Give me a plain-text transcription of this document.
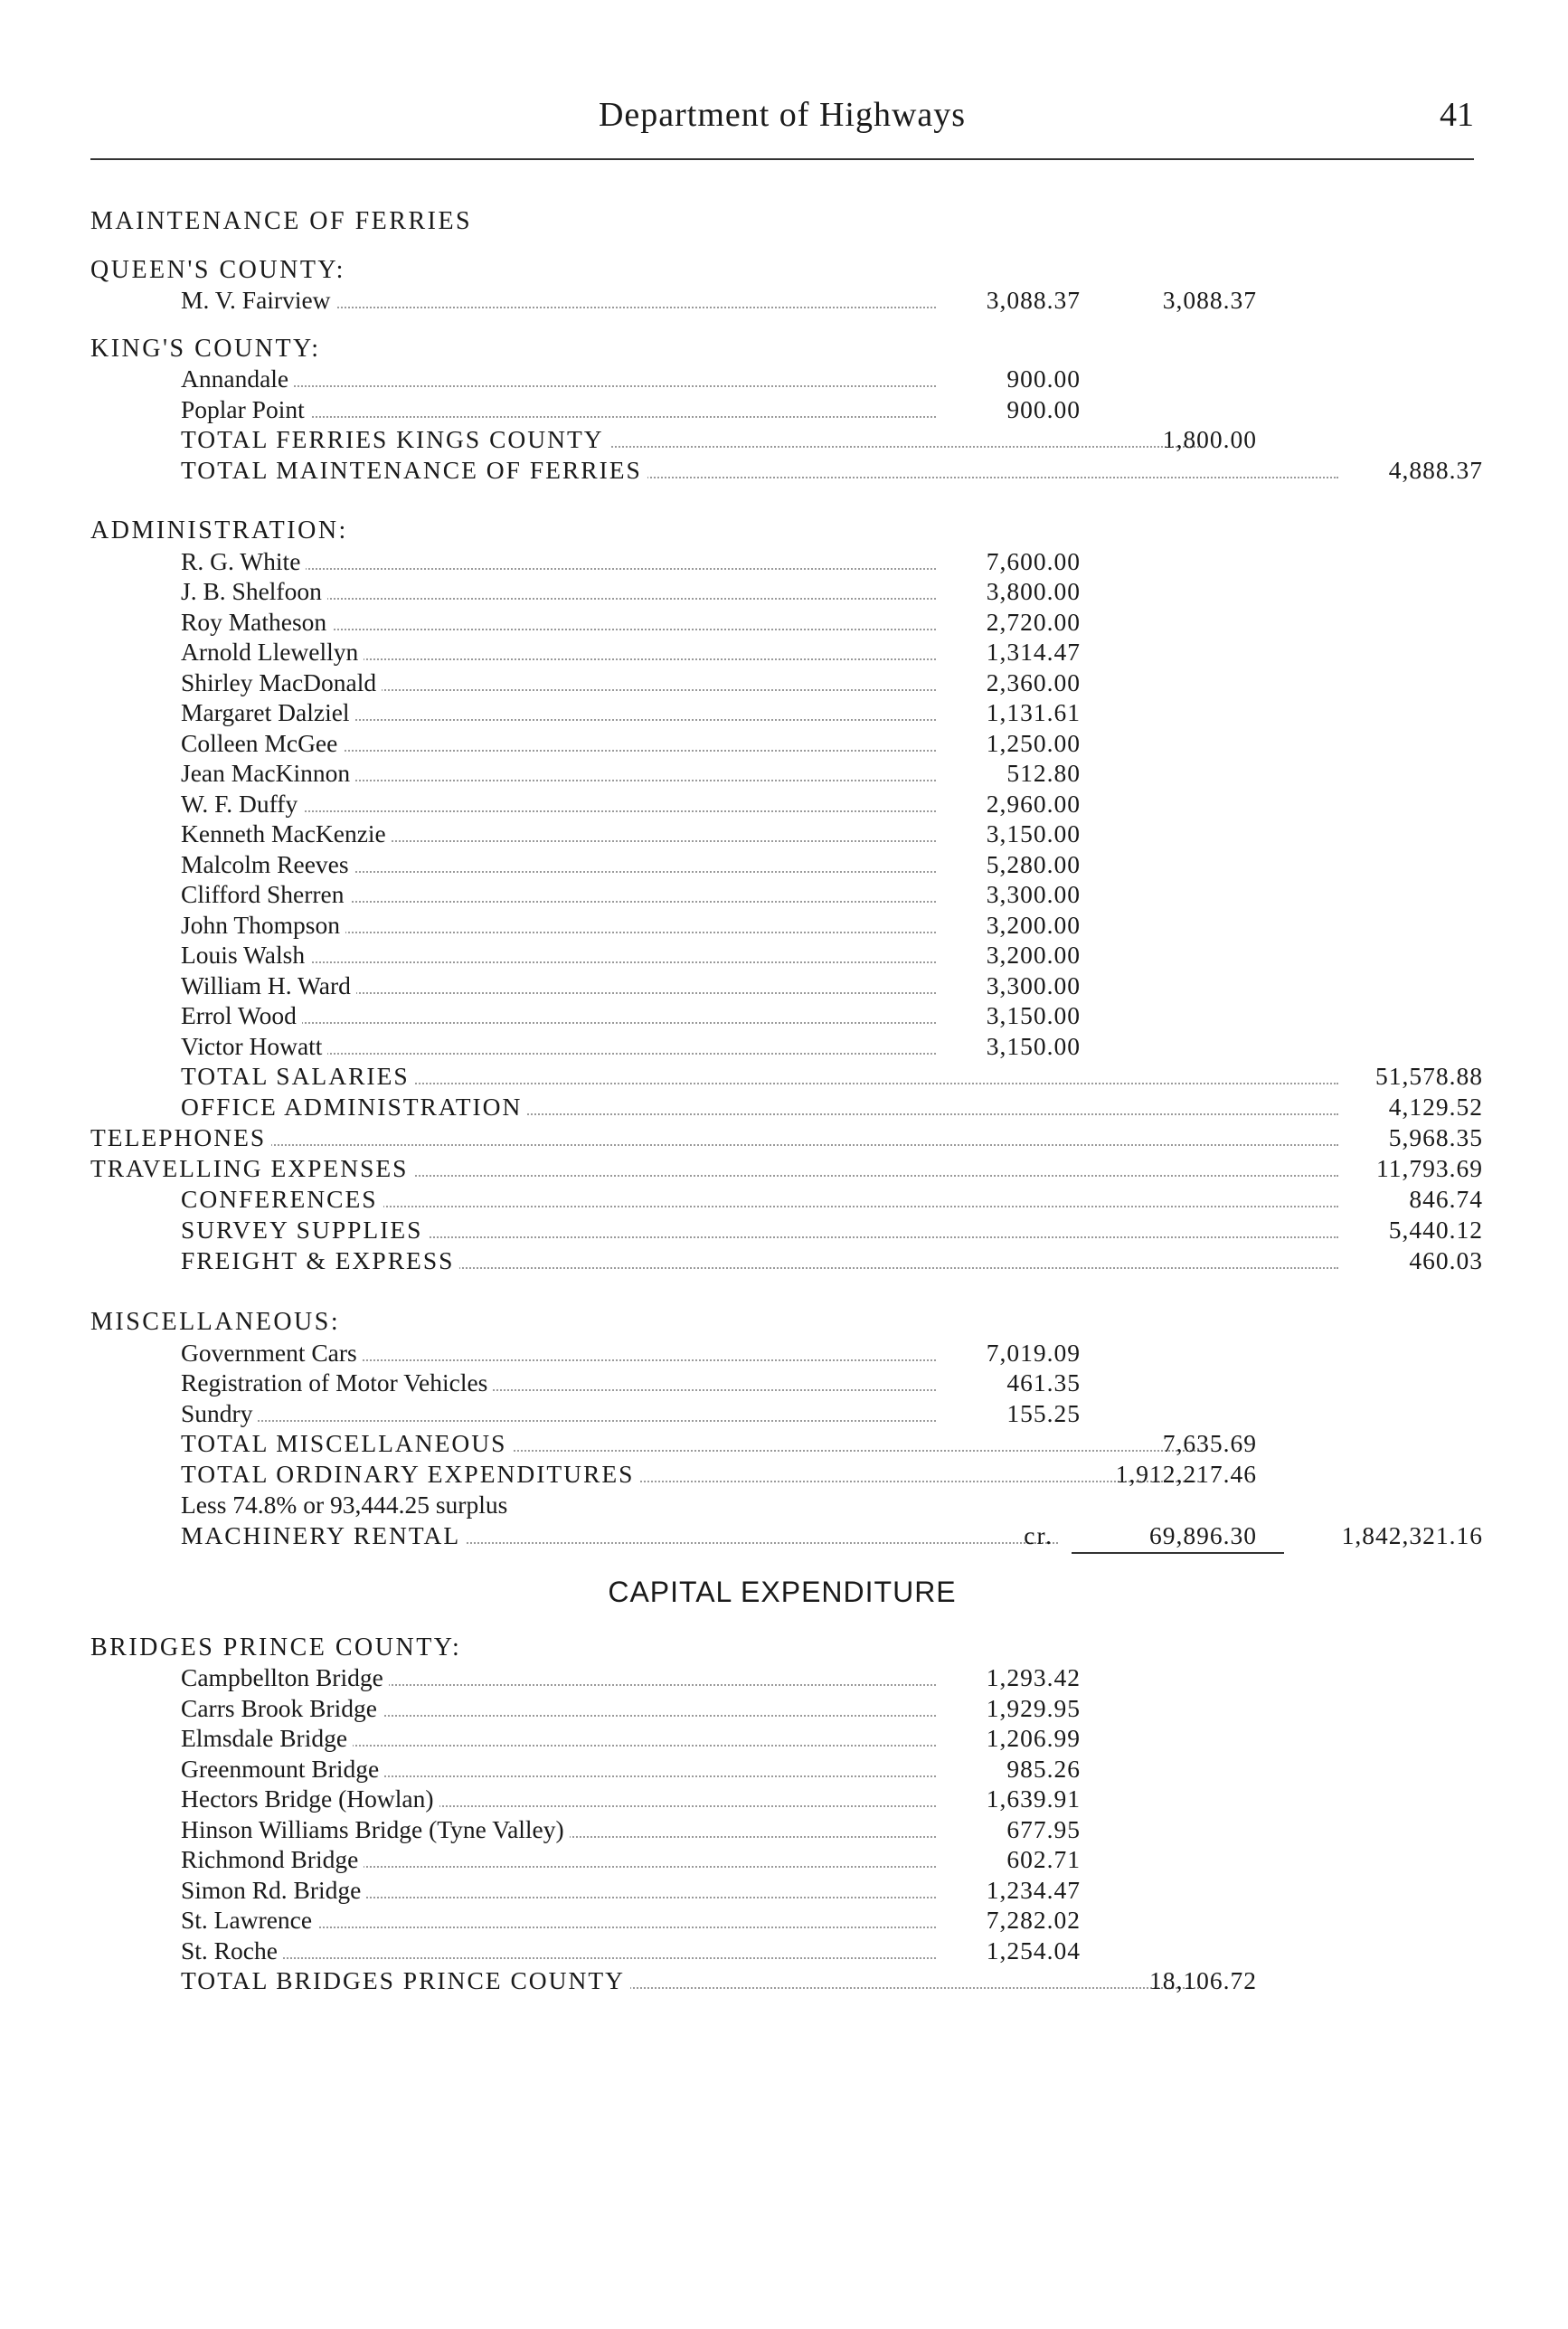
Department of Highways	41
MAINTENANCE OF FERRIES
QUEEN'S COUNTY:
M. V. Fairview	3,088.37	3,088.37
KING'S COUNTY:
Annandale	900.00
Poplar Point	900.00
TOTAL FERRIES KINGS COUNTY	1,800.00
TOTAL MAINTENANCE OF FERRIES	4,888.37
ADMINISTRATION:
R. G. White	7,600.00
J. B. Shelfoon	3,800.00
Roy Matheson	2,720.00
Arnold Llewellyn	1,314.47
Shirley MacDonald	2,360.00
Margaret Dalziel	1,131.61
Colleen McGee	1,250.00
Jean MacKinnon	512.80
W. F. Duffy	2,960.00
Kenneth MacKenzie	3,150.00
Malcolm Reeves	5,280.00
Clifford Sherren	3,300.00
John Thompson	3,200.00
Louis Walsh	3,200.00
William H. Ward	3,300.00
Errol Wood	3,150.00
Victor Howatt	3,150.00
TOTAL SALARIES	51,578.88
OFFICE ADMINISTRATION	4,129.52
TELEPHONES	5,968.35
TRAVELLING EXPENSES	11,793.69
CONFERENCES	846.74
SURVEY SUPPLIES	5,440.12
FREIGHT & EXPRESS	460.03
MISCELLANEOUS:
Government Cars	7,019.09
Registration of Motor Vehicles	461.35
Sundry	155.25
TOTAL MISCELLANEOUS	7,635.69
TOTAL ORDINARY EXPENDITURES	1,912,217.46
Less 74.8% or 93,444.25 surplus
MACHINERY RENTAL	cr.	69,896.30	1,842,321.16
CAPITAL EXPENDITURE
BRIDGES PRINCE COUNTY:
Campbellton Bridge	1,293.42
Carrs Brook Bridge	1,929.95
Elmsdale Bridge	1,206.99
Greenmount Bridge	985.26
Hectors Bridge (Howlan)	1,639.91
Hinson Williams Bridge (Tyne Valley)	677.95
Richmond Bridge	602.71
Simon Rd. Bridge	1,234.47
St. Lawrence	7,282.02
St. Roche	1,254.04
TOTAL BRIDGES PRINCE COUNTY	18,106.72
